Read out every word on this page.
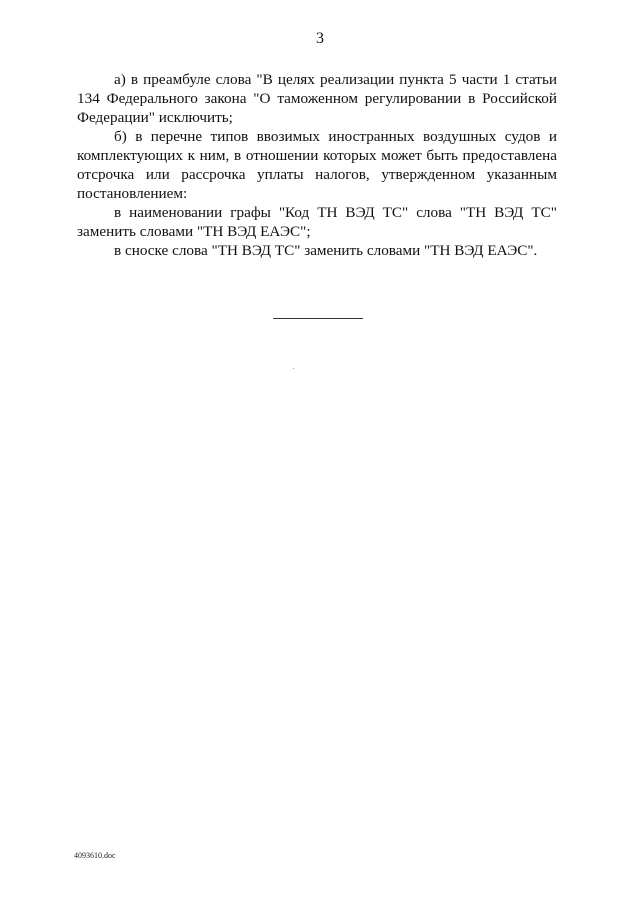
3

а) в преамбуле слова "В целях реализации пункта 5 части 1 статьи 134 Федерального закона "О таможенном регулировании в Российской Федерации" исключить;

б) в перечне типов ввозимых иностранных воздушных судов и комплектующих к ним, в отношении которых может быть предоставлена отсрочка или рассрочка уплаты налогов, утвержденном указанным постановлением:

в наименовании графы "Код ТН ВЭД ТС" слова "ТН ВЭД ТС" заменить словами "ТН ВЭД ЕАЭС";

в сноске слова "ТН ВЭД ТС" заменить словами "ТН ВЭД ЕАЭС".

4093610.doc
